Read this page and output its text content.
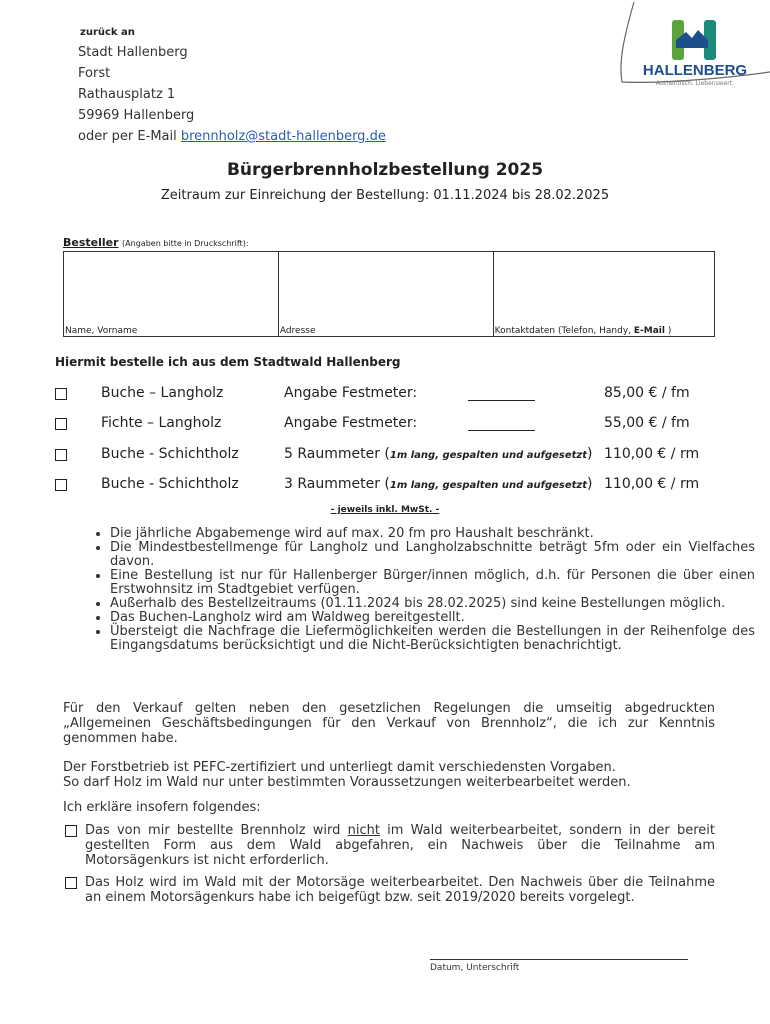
zurück an
Stadt Hallenberg
Forst
Rathausplatz 1
59969 Hallenberg
oder per E-Mail brennholz@stadt-hallenberg.de
HALLENBERG
Authentisch. Liebenswert.
Bürgerbrennholzbestellung 2025
Zeitraum zur Einreichung der Bestellung: 01.11.2024 bis 28.02.2025
Besteller (Angaben bitte in Druckschrift):
Name, Vorname	Adresse	Kontaktdaten (Telefon, Handy, E-Mail )
Hiermit bestelle ich aus dem Stadtwald Hallenberg
Buche – Langholz	Angabe Festmeter:	85,00 € / fm
Fichte – Langholz	Angabe Festmeter:	55,00 € / fm
Buche - Schichtholz	5 Raummeter (1m lang, gespalten und aufgesetzt) 110,00 € / rm
Buche - Schichtholz	3 Raummeter (1m lang, gespalten und aufgesetzt) 110,00 € / rm
- jeweils inkl. MwSt. -
• Die jährliche Abgabemenge wird auf max. 20 fm pro Haushalt beschränkt.
• Die Mindestbestellmenge für Langholz und Langholzabschnitte beträgt 5fm oder ein Vielfaches davon.
• Eine Bestellung ist nur für Hallenberger Bürger/innen möglich, d.h. für Personen die über einen Erstwohnsitz im Stadtgebiet verfügen.
• Außerhalb des Bestellzeitraums (01.11.2024 bis 28.02.2025) sind keine Bestellungen möglich.
• Das Buchen-Langholz wird am Waldweg bereitgestellt.
• Übersteigt die Nachfrage die Liefermöglichkeiten werden die Bestellungen in der Reihenfolge des Eingangsdatums berücksichtigt und die Nicht-Berücksichtigten benachrichtigt.
Für den Verkauf gelten neben den gesetzlichen Regelungen die umseitig abgedruckten „Allgemeinen Geschäftsbedingungen für den Verkauf von Brennholz“, die ich zur Kenntnis genommen habe.
Der Forstbetrieb ist PEFC-zertifiziert und unterliegt damit verschiedensten Vorgaben.
So darf Holz im Wald nur unter bestimmten Voraussetzungen weiterbearbeitet werden.
Ich erkläre insofern folgendes:
Das von mir bestellte Brennholz wird nicht im Wald weiterbearbeitet, sondern in der bereit gestellten Form aus dem Wald abgefahren, ein Nachweis über die Teilnahme am Motorsägenkurs ist nicht erforderlich.
Das Holz wird im Wald mit der Motorsäge weiterbearbeitet. Den Nachweis über die Teilnahme an einem Motorsägenkurs habe ich beigefügt bzw. seit 2019/2020 bereits vorgelegt.
Datum, Unterschrift
